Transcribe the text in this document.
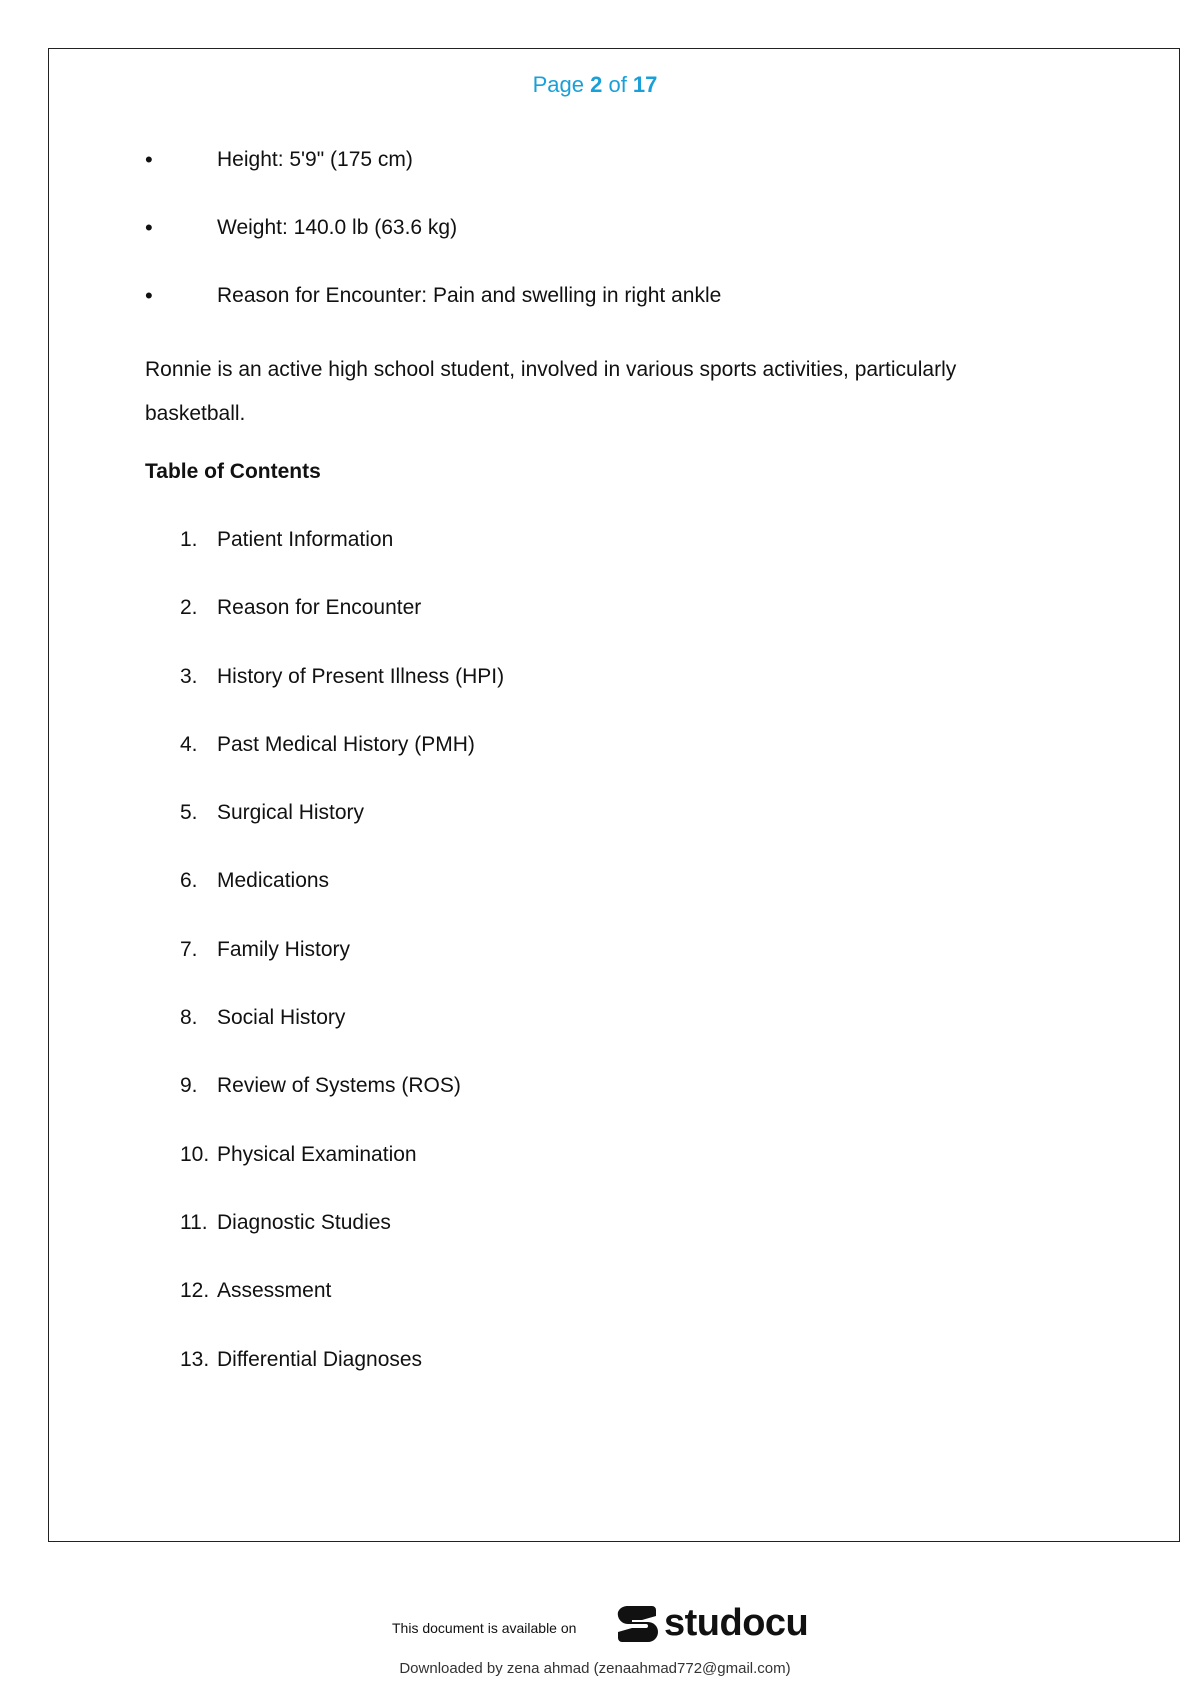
Page 2 of 17
•	Height: 5'9" (175 cm)
•	Weight: 140.0 lb (63.6 kg)
•	Reason for Encounter: Pain and swelling in right ankle
Ronnie is an active high school student, involved in various sports activities, particularly basketball.
Table of Contents
1. Patient Information
2. Reason for Encounter
3. History of Present Illness (HPI)
4. Past Medical History (PMH)
5. Surgical History
6. Medications
7. Family History
8. Social History
9. Review of Systems (ROS)
10. Physical Examination
11. Diagnostic Studies
12. Assessment
13. Differential Diagnoses
This document is available on studocu
Downloaded by zena ahmad (zenaahmad772@gmail.com)
